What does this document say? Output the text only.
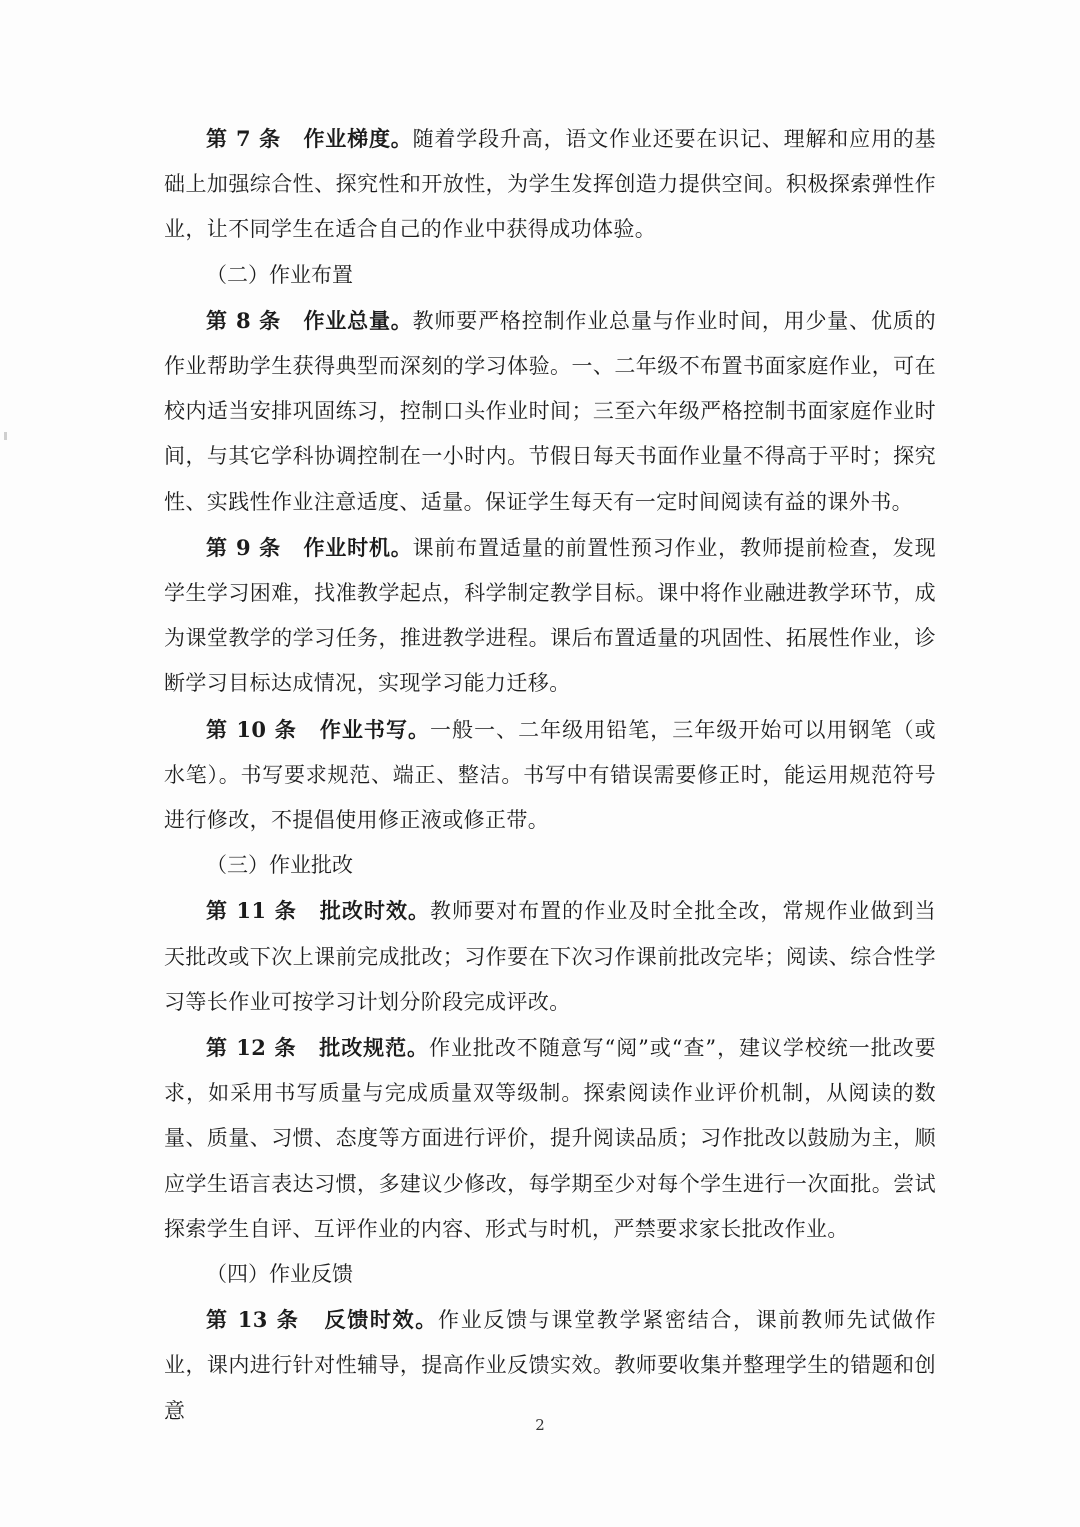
第 7 条 作业梯度。随着学段升高，语文作业还要在识记、理解和应用的基础上加强综合性、探究性和开放性，为学生发挥创造力提供空间。积极探索弹性作业，让不同学生在适合自己的作业中获得成功体验。

（二）作业布置

第 8 条 作业总量。教师要严格控制作业总量与作业时间，用少量、优质的作业帮助学生获得典型而深刻的学习体验。一、二年级不布置书面家庭作业，可在校内适当安排巩固练习，控制口头作业时间；三至六年级严格控制书面家庭作业时间，与其它学科协调控制在一小时内。节假日每天书面作业量不得高于平时；探究性、实践性作业注意适度、适量。保证学生每天有一定时间阅读有益的课外书。

第 9 条 作业时机。课前布置适量的前置性预习作业，教师提前检查，发现学生学习困难，找准教学起点，科学制定教学目标。课中将作业融进教学环节，成为课堂教学的学习任务，推进教学进程。课后布置适量的巩固性、拓展性作业，诊断学习目标达成情况，实现学习能力迁移。

第 10 条 作业书写。一般一、二年级用铅笔，三年级开始可以用钢笔（或水笔）。书写要求规范、端正、整洁。书写中有错误需要修正时，能运用规范符号进行修改，不提倡使用修正液或修正带。

（三）作业批改

第 11 条 批改时效。教师要对布置的作业及时全批全改，常规作业做到当天批改或下次上课前完成批改；习作要在下次习作课前批改完毕；阅读、综合性学习等长作业可按学习计划分阶段完成评改。

第 12 条 批改规范。作业批改不随意写“阅”或“查”，建议学校统一批改要求，如采用书写质量与完成质量双等级制。探索阅读作业评价机制，从阅读的数量、质量、习惯、态度等方面进行评价，提升阅读品质；习作批改以鼓励为主，顺应学生语言表达习惯，多建议少修改，每学期至少对每个学生进行一次面批。尝试探索学生自评、互评作业的内容、形式与时机，严禁要求家长批改作业。

（四）作业反馈

第 13 条 反馈时效。作业反馈与课堂教学紧密结合，课前教师先试做作业，课内进行针对性辅导，提高作业反馈实效。教师要收集并整理学生的错题和创意

2
